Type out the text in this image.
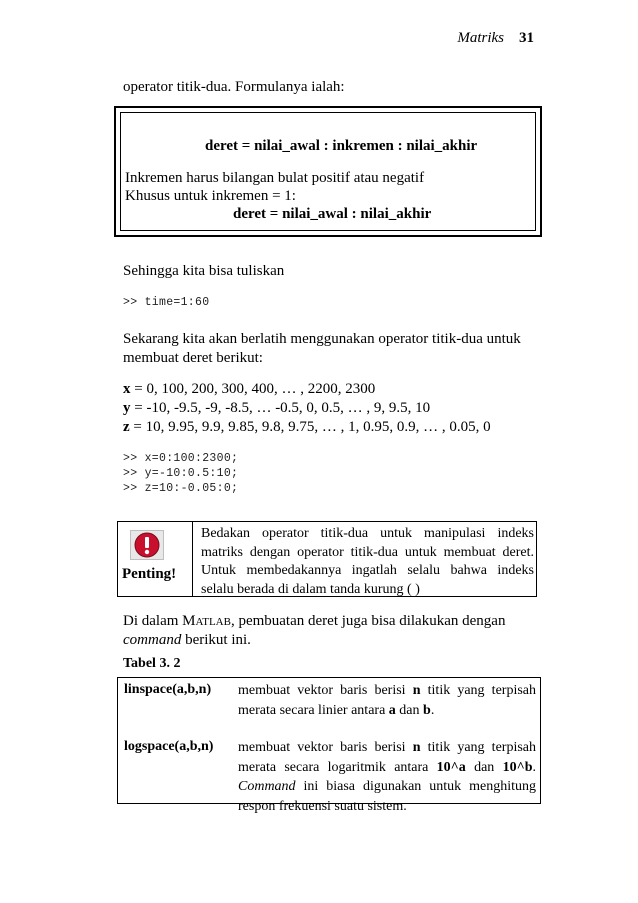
Matriks 31
operator titik-dua. Formulanya ialah:
deret = nilai_awal : inkremen : nilai_akhir
Inkremen harus bilangan bulat positif atau negatif
Khusus untuk inkremen = 1:
deret = nilai_awal : nilai_akhir
Sehingga kita bisa tuliskan
>> time=1:60
Sekarang kita akan berlatih menggunakan operator titik-dua untuk
membuat deret berikut:
x = 0, 100, 200, 300, 400, … , 2200, 2300
y = -10, -9.5, -9, -8.5, … -0.5, 0, 0.5, … , 9, 9.5, 10
z = 10, 9.95, 9.9, 9.85, 9.8, 9.75, … , 1, 0.95, 0.9, … , 0.05, 0
>> x=0:100:2300;
>> y=-10:0.5:10;
>> z=10:-0.05:0;
Penting!
Bedakan operator titik-dua untuk manipulasi indeks matriks dengan operator titik-dua untuk membuat deret. Untuk membedakannya ingatlah selalu bahwa indeks selalu berada di dalam tanda kurung ( )
Di dalam MATLAB, pembuatan deret juga bisa dilakukan dengan
command berikut ini.
Tabel 3. 2
linspace(a,b,n) membuat vektor baris berisi n titik yang terpisah merata secara linier antara a dan b.
logspace(a,b,n) membuat vektor baris berisi n titik yang terpisah merata secara logaritmik antara 10^a dan 10^b. Command ini biasa digunakan untuk menghitung respon frekuensi suatu sistem.
